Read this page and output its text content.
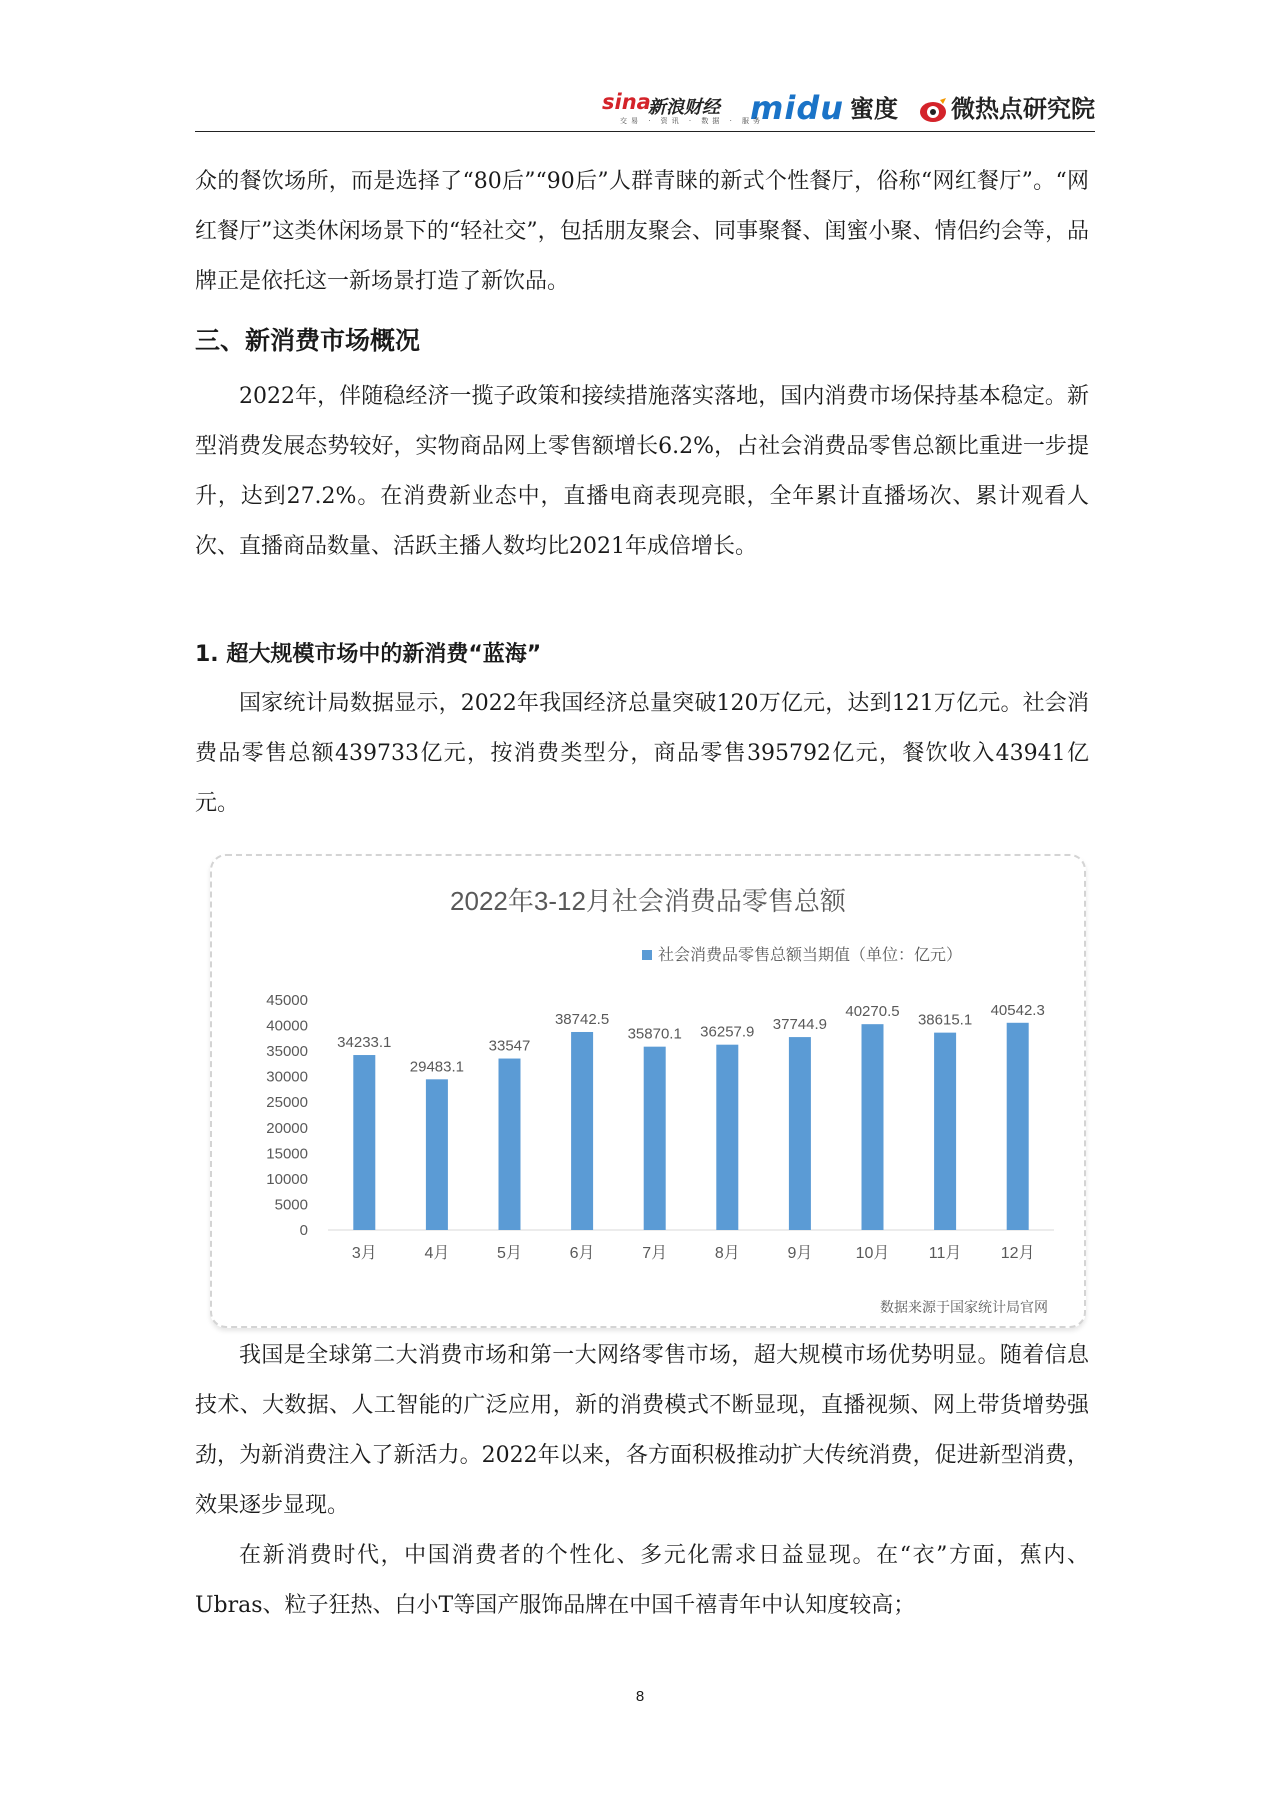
sina
新浪财经
交易 · 资讯 · 数据 · 服务
midu 蜜度 微热点研究院

众的餐饮场所，而是选择了“80后”“90后”人群青睐的新式个性餐厅，俗称“网红餐厅”。“网红餐厅”这类休闲场景下的“轻社交”，包括朋友聚会、同事聚餐、闺蜜小聚、情侣约会等，品牌正是依托这一新场景打造了新饮品。

三、新消费市场概况

2022年，伴随稳经济一揽子政策和接续措施落实落地，国内消费市场保持基本稳定。新型消费发展态势较好，实物商品网上零售额增长6.2%，占社会消费品零售总额比重进一步提升，达到27.2%。在消费新业态中，直播电商表现亮眼，全年累计直播场次、累计观看人次、直播商品数量、活跃主播人数均比2021年成倍增长。

1. 超大规模市场中的新消费“蓝海”

国家统计局数据显示，2022年我国经济总量突破120万亿元，达到121万亿元。社会消费品零售总额439733亿元，按消费类型分，商品零售395792亿元，餐饮收入43941亿元。

2022年3-12月社会消费品零售总额
社会消费品零售总额当期值（单位：亿元）
0
5000
10000
15000
20000
25000
30000
35000
40000
45000
34233.1
29483.1
33547
38742.5
35870.1 36257.9 37744.9
40270.5 38615.1
40542.3
3月	4月	5月	6月	7月	8月	9月	10月 11月 12月
数据来源于国家统计局官网

我国是全球第二大消费市场和第一大网络零售市场，超大规模市场优势明显。随着信息技术、大数据、人工智能的广泛应用，新的消费模式不断显现，直播视频、网上带货增势强劲，为新消费注入了新活力。2022年以来，各方面积极推动扩大传统消费，促进新型消费，效果逐步显现。

在新消费时代，中国消费者的个性化、多元化需求日益显现。在“衣”方面，蕉内、Ubras、粒子狂热、白小T等国产服饰品牌在中国千禧青年中认知度较高；

8
